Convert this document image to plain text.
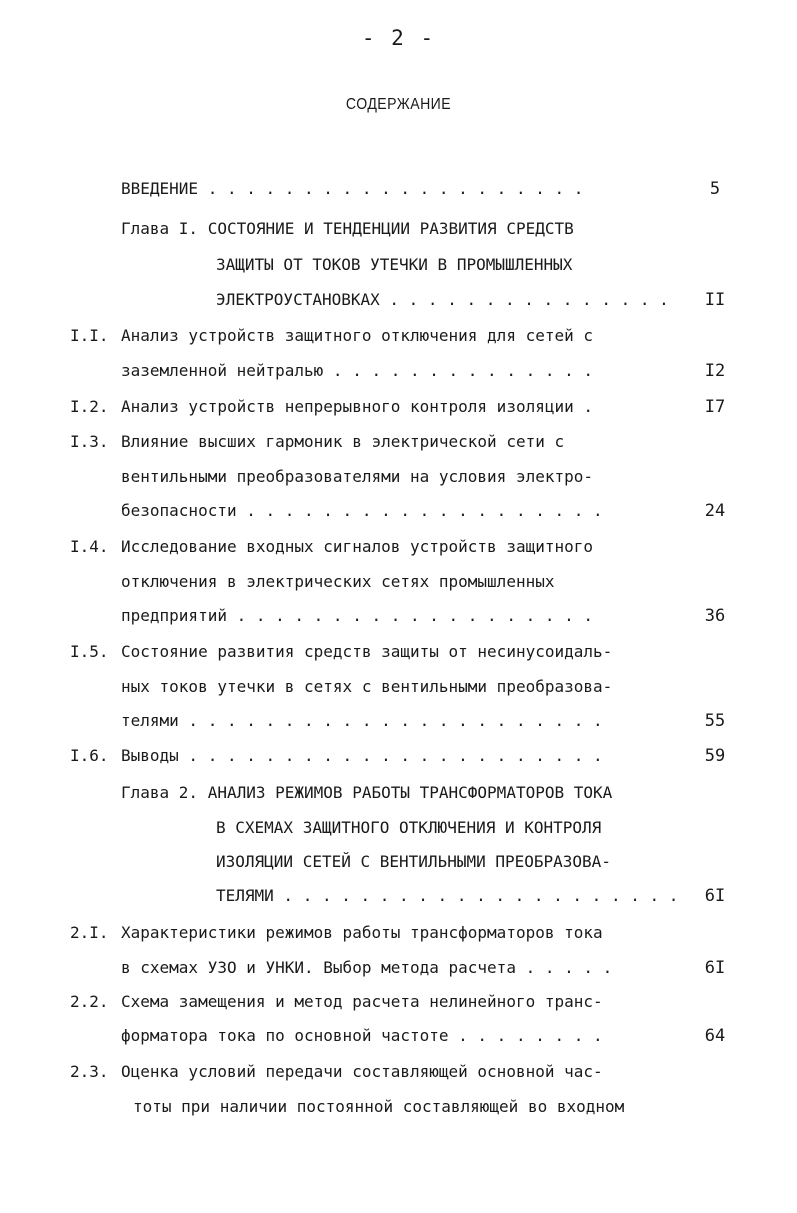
- 2 -
СОДЕРЖАНИЕ
ВВЕДЕНИЕ . . . . . . . . . . . . . . . . . . . .	5
Глава I. СОСТОЯНИЕ И ТЕНДЕНЦИИ РАЗВИТИЯ СРЕДСТВ
ЗАЩИТЫ ОТ ТОКОВ УТЕЧКИ В ПРОМЫШЛЕННЫХ
ЭЛЕКТРОУСТАНОВКАХ . . . . . . . . . . . . . . .	II
I.I. Анализ устройств защитного отключения для сетей с
заземленной нейтралью . . . . . . . . . . . . . .	I2
I.2. Анализ устройств непрерывного контроля изоляции .	I7
I.3. Влияние высших гармоник в электрической сети с
вентильными преобразователями на условия электро-
безопасности . . . . . . . . . . . . . . . . . . .	24
I.4. Исследование входных сигналов устройств защитного
отключения в электрических сетях промышленных
предприятий . . . . . . . . . . . . . . . . . . .	36
I.5. Состояние развития средств защиты от несинусоидаль-
ных токов утечки в сетях с вентильными преобразова-
телями . . . . . . . . . . . . . . . . . . . . . .	55
I.6. Выводы . . . . . . . . . . . . . . . . . . . . . .	59
Глава 2. АНАЛИЗ РЕЖИМОВ РАБОТЫ ТРАНСФОРМАТОРОВ ТОКА
В СХЕМАХ ЗАЩИТНОГО ОТКЛЮЧЕНИЯ И КОНТРОЛЯ
ИЗОЛЯЦИИ СЕТЕЙ С ВЕНТИЛЬНЫМИ ПРЕОБРАЗОВА-
ТЕЛЯМИ . . . . . . . . . . . . . . . . . . . . .	6I
2.I. Характеристики режимов работы трансформаторов тока
в схемах УЗО и УНКИ. Выбор метода расчета . . . . .	6I
2.2. Схема замещения и метод расчета нелинейного транс-
форматора тока по основной частоте . . . . . . . .	64
2.3. Оценка условий передачи составляющей основной час-
тоты при наличии постоянной составляющей во входном
